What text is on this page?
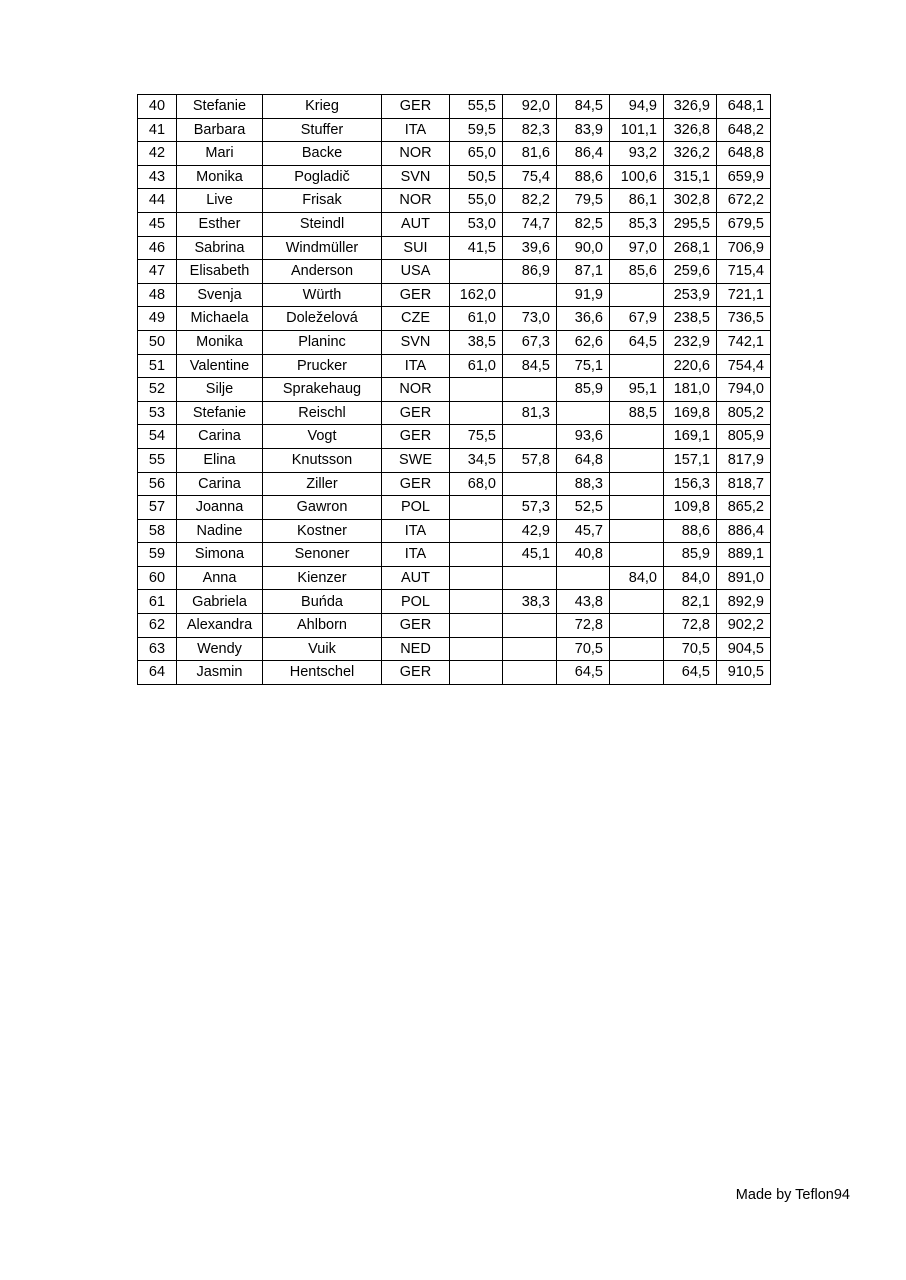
40	Stefanie	Krieg	GER	55,5	92,0	84,5	94,9	326,9	648,1
41	Barbara	Stuffer	ITA	59,5	82,3	83,9	101,1	326,8	648,2
42	Mari	Backe	NOR	65,0	81,6	86,4	93,2	326,2	648,8
43	Monika	Pogladič	SVN	50,5	75,4	88,6	100,6	315,1	659,9
44	Live	Frisak	NOR	55,0	82,2	79,5	86,1	302,8	672,2
45	Esther	Steindl	AUT	53,0	74,7	82,5	85,3	295,5	679,5
46	Sabrina	Windmüller	SUI	41,5	39,6	90,0	97,0	268,1	706,9
47	Elisabeth	Anderson	USA		86,9	87,1	85,6	259,6	715,4
48	Svenja	Würth	GER	162,0		91,9		253,9	721,1
49	Michaela	Doleželová	CZE	61,0	73,0	36,6	67,9	238,5	736,5
50	Monika	Planinc	SVN	38,5	67,3	62,6	64,5	232,9	742,1
51	Valentine	Prucker	ITA	61,0	84,5	75,1		220,6	754,4
52	Silje	Sprakehaug	NOR			85,9	95,1	181,0	794,0
53	Stefanie	Reischl	GER		81,3		88,5	169,8	805,2
54	Carina	Vogt	GER	75,5		93,6		169,1	805,9
55	Elina	Knutsson	SWE	34,5	57,8	64,8		157,1	817,9
56	Carina	Ziller	GER	68,0		88,3		156,3	818,7
57	Joanna	Gawron	POL		57,3	52,5		109,8	865,2
58	Nadine	Kostner	ITA		42,9	45,7		88,6	886,4
59	Simona	Senoner	ITA		45,1	40,8		85,9	889,1
60	Anna	Kienzer	AUT				84,0	84,0	891,0
61	Gabriela	Buńda	POL		38,3	43,8		82,1	892,9
62	Alexandra	Ahlborn	GER			72,8		72,8	902,2
63	Wendy	Vuik	NED			70,5		70,5	904,5
64	Jasmin	Hentschel	GER			64,5		64,5	910,5
Made by Teflon94
